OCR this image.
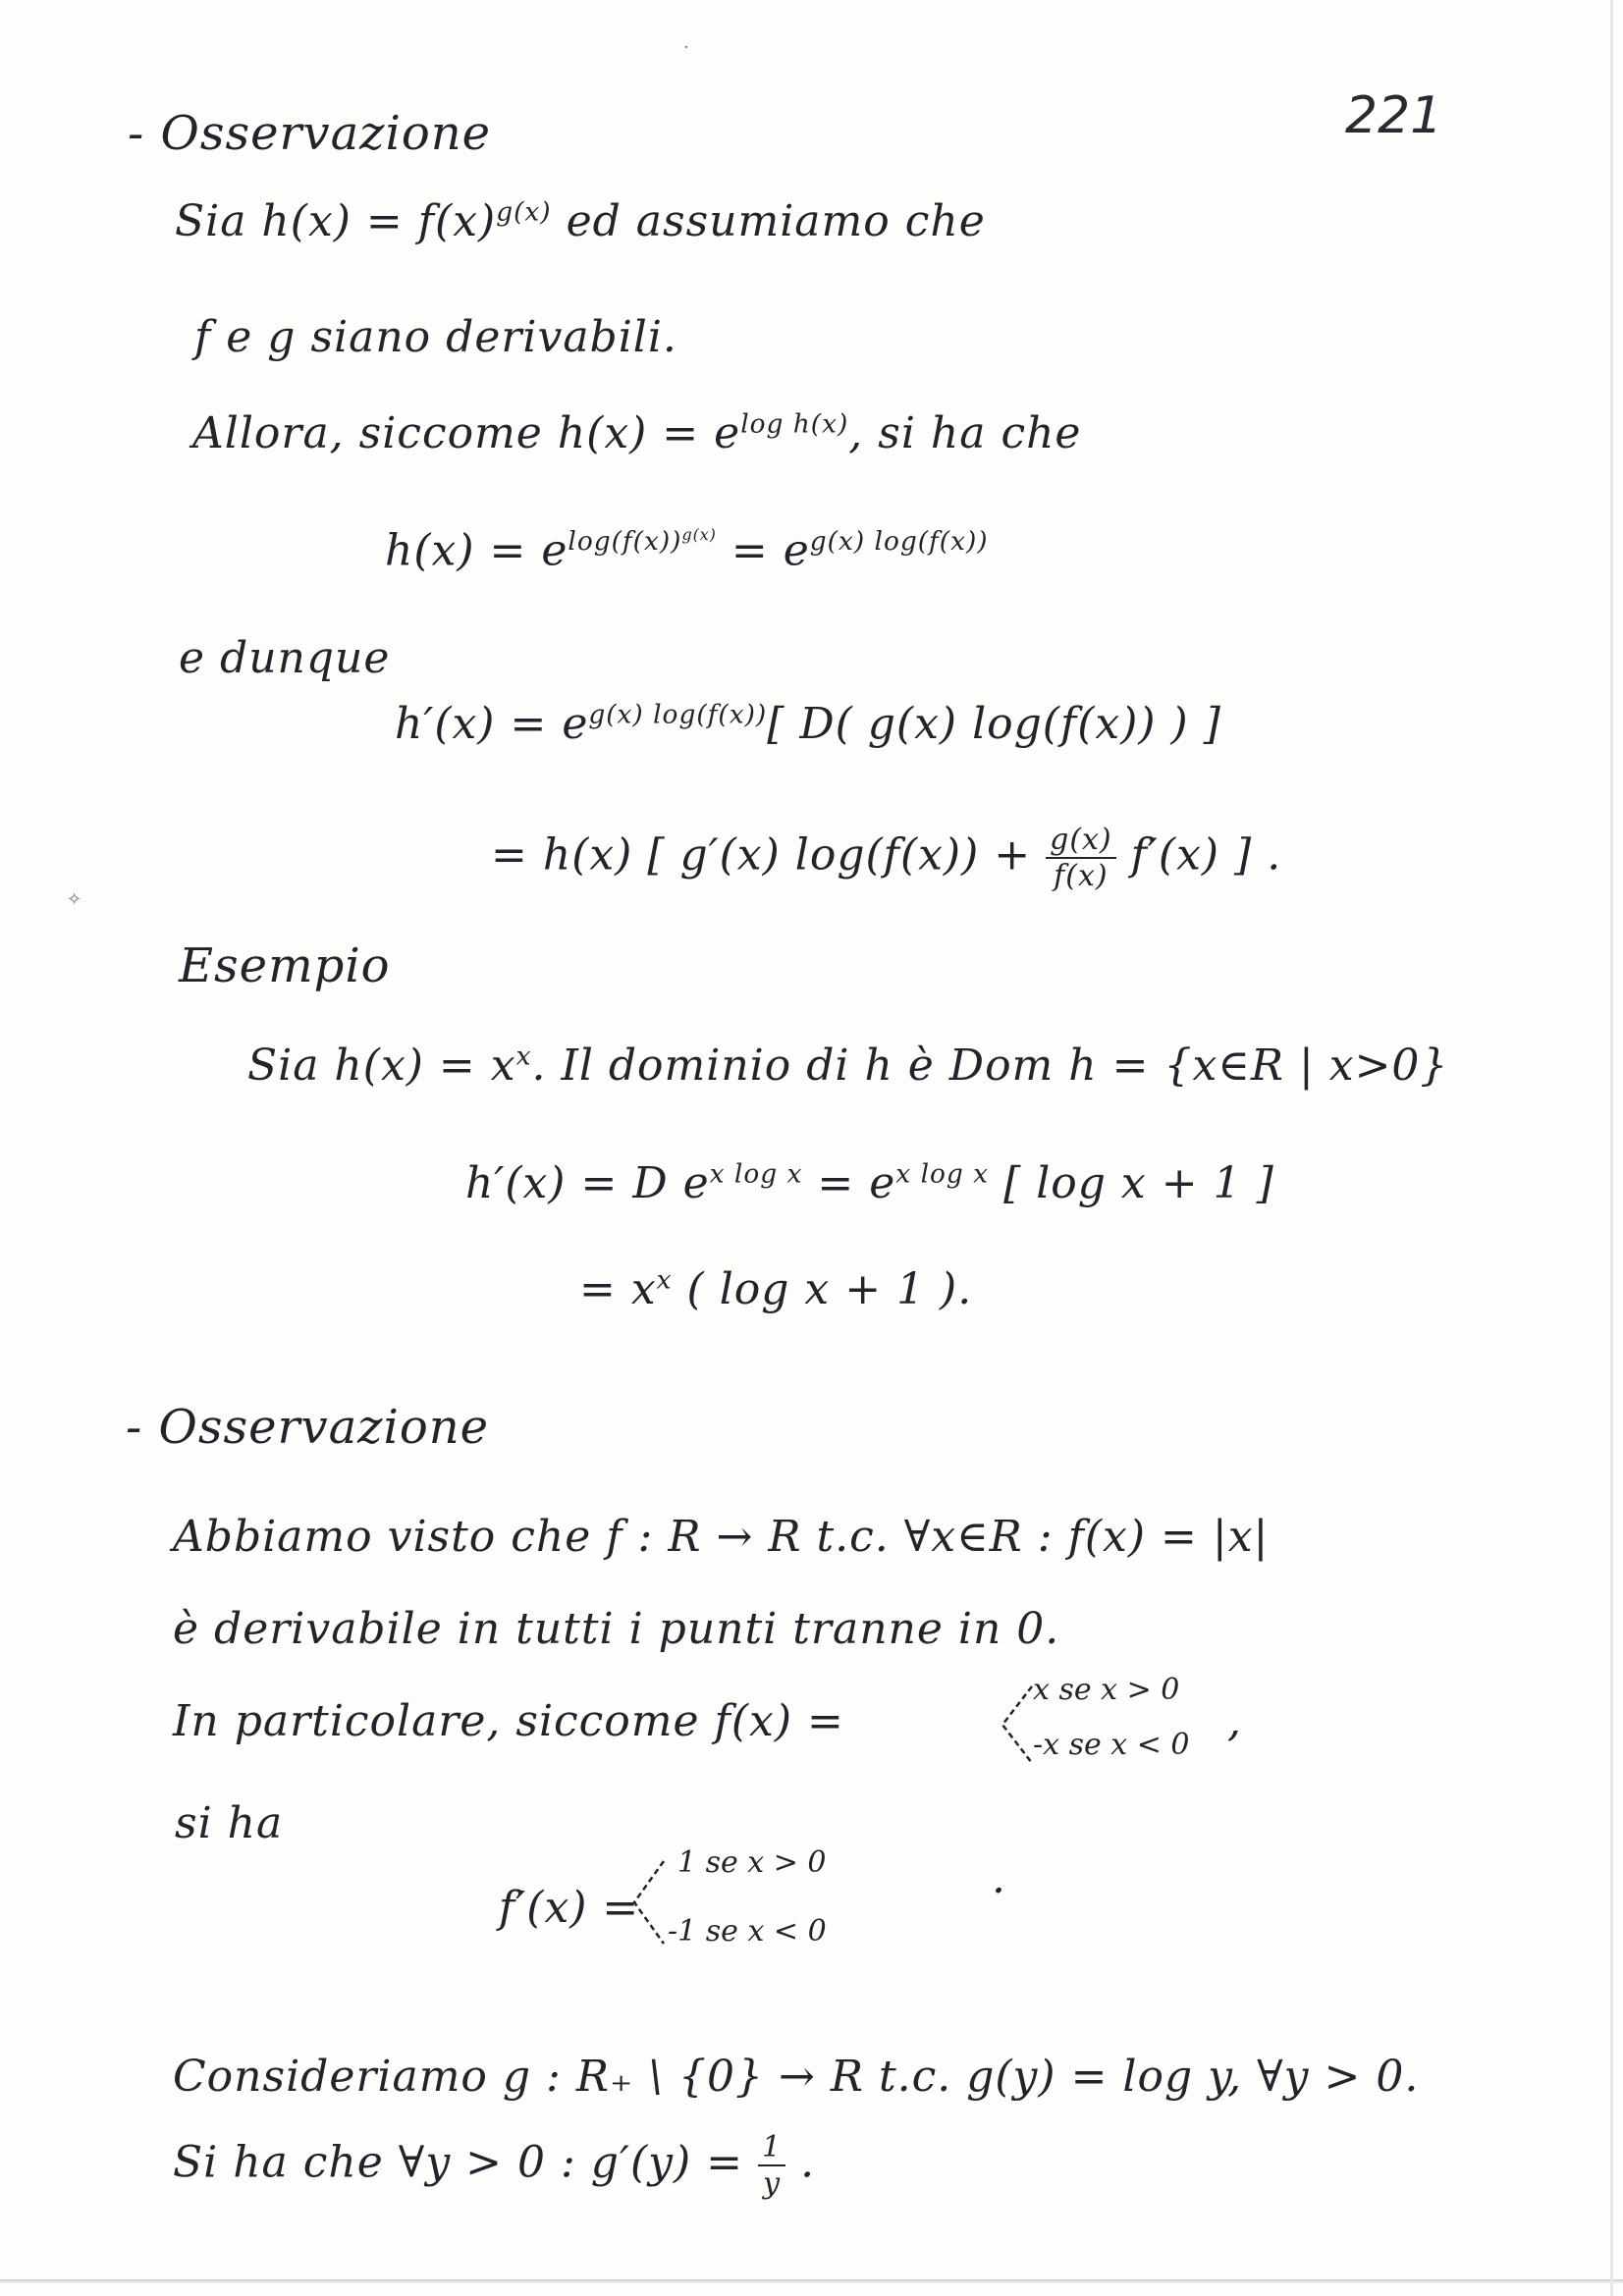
·
✧
221
- Osservazione
Sia $h(x) = f(x)^{g(x)}$ ed assumiamo che
f e g siano derivabili.
Allora, siccome $h(x) = e^{log h(x)}$, si ha che
$h(x) = e^{log(f(x))^{g(x)}} = e^{g(x) log(f(x))}$
e dunque
$h'(x) = e^{g(x) log(f(x))}$[ D( g(x) log(f(x)) ) ]
= h(x) [ g′(x) $\log(f(x)) + \frac{g(x)}{f(x)} f'(x)$ ] .
Esempio
Sia $h(x) = x^x$. Il dominio di h è Dom h = {x∈R | x>0}
h′(x) = D $e^{x log x} = e^{x log x}$ [ log x + 1 ]
= $x^x$ ( log x + 1 ).
- Osservazione
Abbiamo visto che f : R → R t.c. ∀x∈R : f(x) = |x|
è derivabile in tutti i punti tranne in 0.
In particolare, siccome f(x) =
x se x > 0
-x se x < 0 ,
si ha
f′(x) =
1 se x > 0
-1 se x < 0
.
Consideriamo g : R₊ \ {0} → R t.c. g(y) = log y, ∀y > 0.
Si ha che ∀y > 0 : $g'(y) = \frac{1}{y}$ .
